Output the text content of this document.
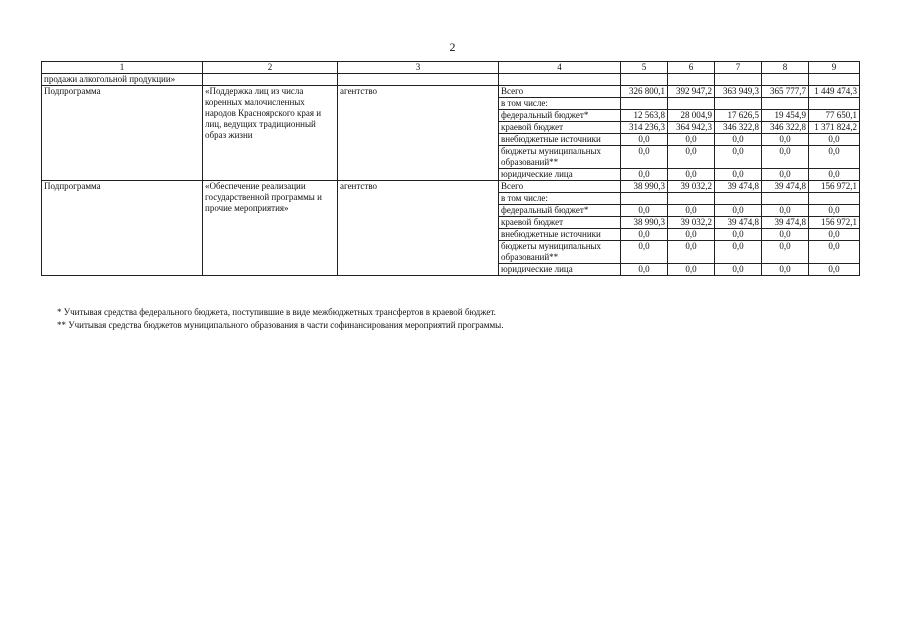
2
1	2	3	4	5	6	7	8	9
продажи алкогольной продукции»								
Подпрограмма	«Поддержка лиц из числа коренных малочисленных народов Красноярского края и лиц, ведущих традиционный образ жизни	агентство	Всего	326 800,1	392 947,2	363 949,3	365 777,7	1 449 474,3
			в том числе:					
			федеральный бюджет*	12 563,8	28 004,9	17 626,5	19 454,9	77 650,1
			краевой бюджет	314 236,3	364 942,3	346 322,8	346 322,8	1 371 824,2
			внебюджетные источники	0,0	0,0	0,0	0,0	0,0
			бюджеты муниципальных образований**	0,0	0,0	0,0	0,0	0,0
			юридические лица	0,0	0,0	0,0	0,0	0,0
Подпрограмма	«Обеспечение реализации государственной программы и прочие мероприятия»	агентство	Всего	38 990,3	39 032,2	39 474,8	39 474,8	156 972,1
			в том числе:					
			федеральный бюджет*	0,0	0,0	0,0	0,0	0,0
			краевой бюджет	38 990,3	39 032,2	39 474,8	39 474,8	156 972,1
			внебюджетные источники	0,0	0,0	0,0	0,0	0,0
			бюджеты муниципальных образований**	0,0	0,0	0,0	0,0	0,0
			юридические лица	0,0	0,0	0,0	0,0	0,0
* Учитывая средства федерального бюджета, поступившие в виде межбюджетных трансфертов в краевой бюджет.
** Учитывая средства бюджетов муниципального образования в части софинансирования мероприятий программы.
